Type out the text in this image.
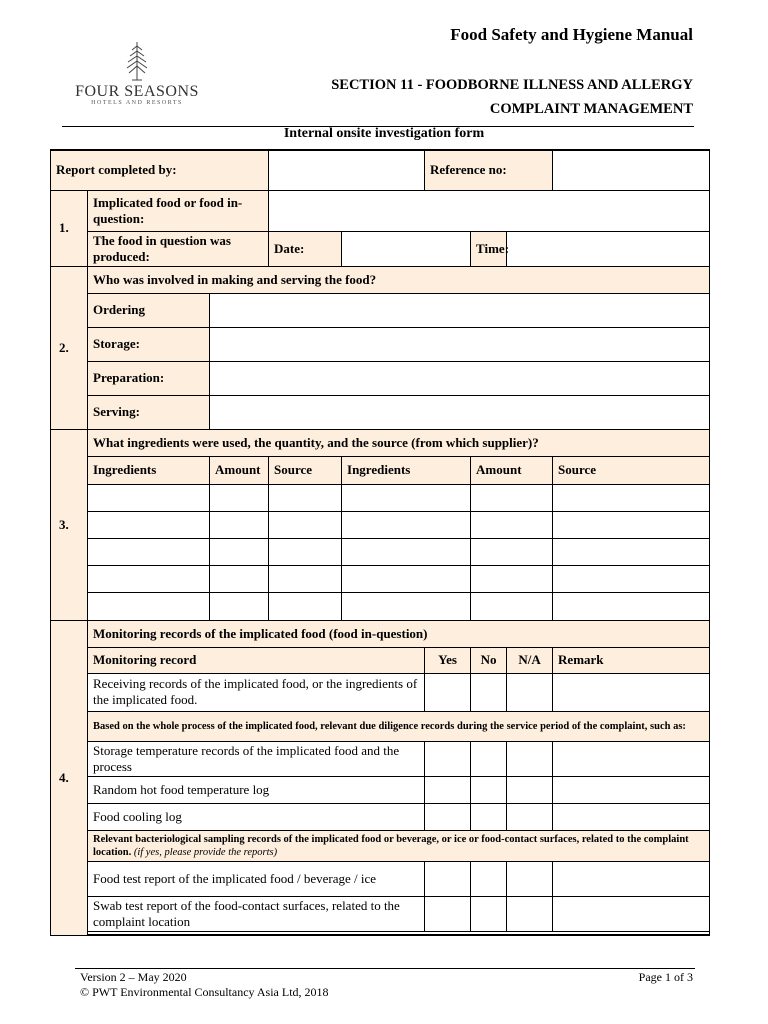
FOUR SEASONS
HOTELS AND RESORTS
Food Safety and Hygiene Manual
SECTION 11 - FOODBORNE ILLNESS AND ALLERGY
COMPLAINT MANAGEMENT
Internal onsite investigation form
Report completed by:					Reference no:			
1.	Implicated food or food in-question:							
	The food in question was produced:		Date:			Time:		
2.	Who was involved in making and serving the food?							
	Ordering							
	Storage:							
	Preparation:							
	Serving:							
3.	What ingredients were used, the quantity, and the source (from which supplier)?							
	Ingredients	Amount	Source	Ingredients		Amount		Source

4.	Monitoring records of the implicated food (food in-question)							
	Monitoring record				Yes	No	N/A	Remark
	Receiving records of the implicated food, or the ingredients of the implicated food.							
	Based on the whole process of the implicated food, relevant due diligence records during the service period of the complaint, such as:							
	Storage temperature records of the implicated food and the process							
	Random hot food temperature log							
	Food cooling log							
	Relevant bacteriological sampling records of the implicated food or beverage, or ice or food-contact surfaces, related to the complaint location. (if yes, please provide the reports)							
	Food test report of the implicated food / beverage / ice							
	Swab test report of the food-contact surfaces, related to the complaint location							

Version 2 – May 2020
© PWT Environmental Consultancy Asia Ltd, 2018
Page 1 of 3
